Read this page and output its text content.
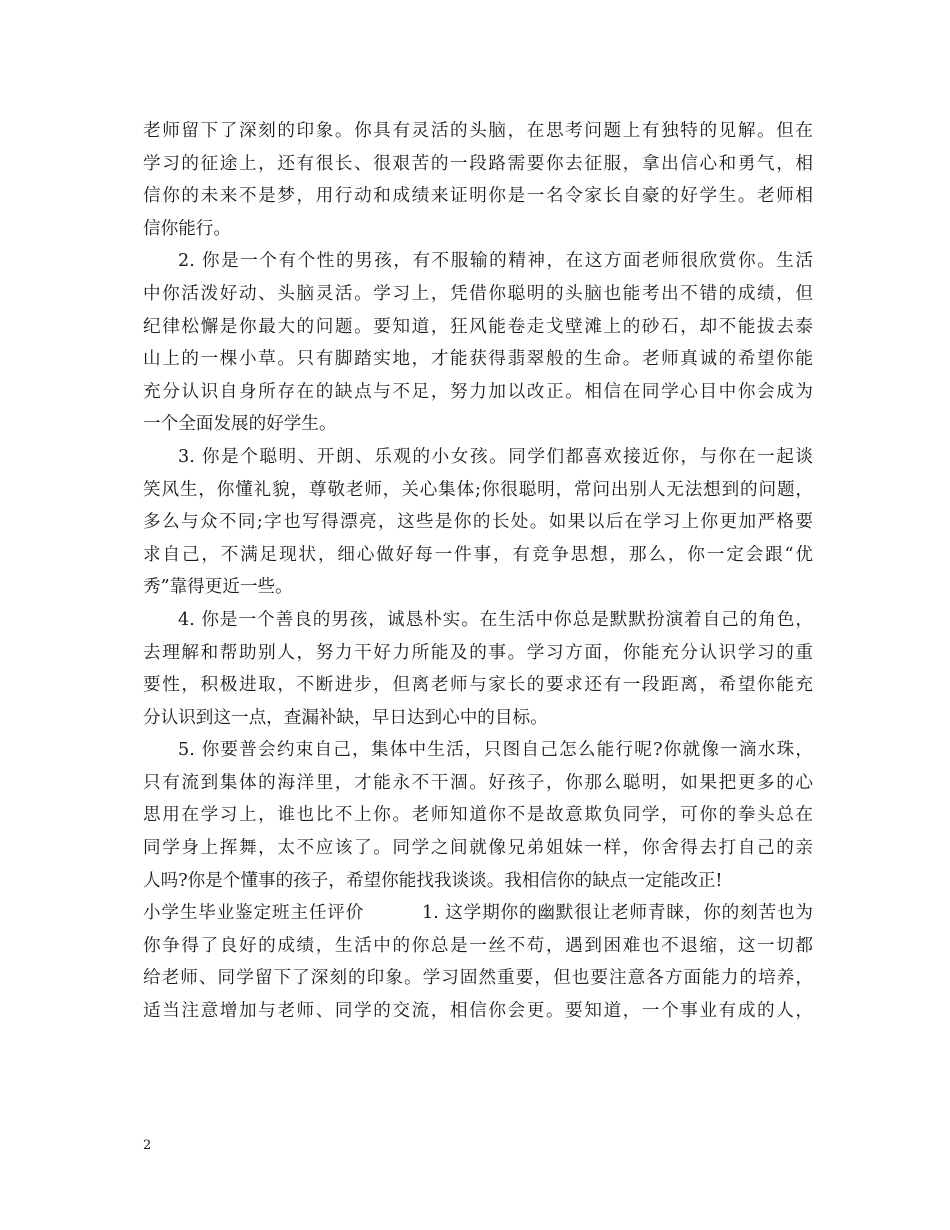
老师留下了深刻的印象。你具有灵活的头脑，在思考问题上有独特的见解。但在
学习的征途上，还有很长、很艰苦的一段路需要你去征服，拿出信心和勇气，相
信你的未来不是梦，用行动和成绩来证明你是一名令家长自豪的好学生。老师相
信你能行。
2. 你是一个有个性的男孩，有不服输的精神，在这方面老师很欣赏你。生活
中你活泼好动、头脑灵活。学习上，凭借你聪明的头脑也能考出不错的成绩，但
纪律松懈是你最大的问题。要知道，狂风能卷走戈壁滩上的砂石，却不能拔去泰
山上的一棵小草。只有脚踏实地，才能获得翡翠般的生命。老师真诚的希望你能
充分认识自身所存在的缺点与不足，努力加以改正。相信在同学心目中你会成为
一个全面发展的好学生。
3. 你是个聪明、开朗、乐观的小女孩。同学们都喜欢接近你，与你在一起谈
笑风生，你懂礼貌，尊敬老师，关心集体;你很聪明，常问出别人无法想到的问题，
多么与众不同;字也写得漂亮，这些是你的长处。如果以后在学习上你更加严格要
求自己，不满足现状，细心做好每一件事，有竞争思想，那么，你一定会跟“优
秀”靠得更近一些。
4. 你是一个善良的男孩，诚恳朴实。在生活中你总是默默扮演着自己的角色，
去理解和帮助别人，努力干好力所能及的事。学习方面，你能充分认识学习的重
要性，积极进取，不断进步，但离老师与家长的要求还有一段距离，希望你能充
分认识到这一点，查漏补缺，早日达到心中的目标。
5. 你要普会约束自己，集体中生活，只图自己怎么能行呢?你就像一滴水珠，
只有流到集体的海洋里，才能永不干涸。好孩子，你那么聪明，如果把更多的心
思用在学习上，谁也比不上你。老师知道你不是故意欺负同学，可你的拳头总在
同学身上挥舞，太不应该了。同学之间就像兄弟姐妹一样，你舍得去打自己的亲
人吗?你是个懂事的孩子，希望你能找我谈谈。我相信你的缺点一定能改正!
小学生毕业鉴定班主任评价         1. 这学期你的幽默很让老师青睐，你的刻苦也为
你争得了良好的成绩，生活中的你总是一丝不苟，遇到困难也不退缩，这一切都
给老师、同学留下了深刻的印象。学习固然重要，但也要注意各方面能力的培养，
适当注意增加与老师、同学的交流，相信你会更。要知道，一个事业有成的人，
2
